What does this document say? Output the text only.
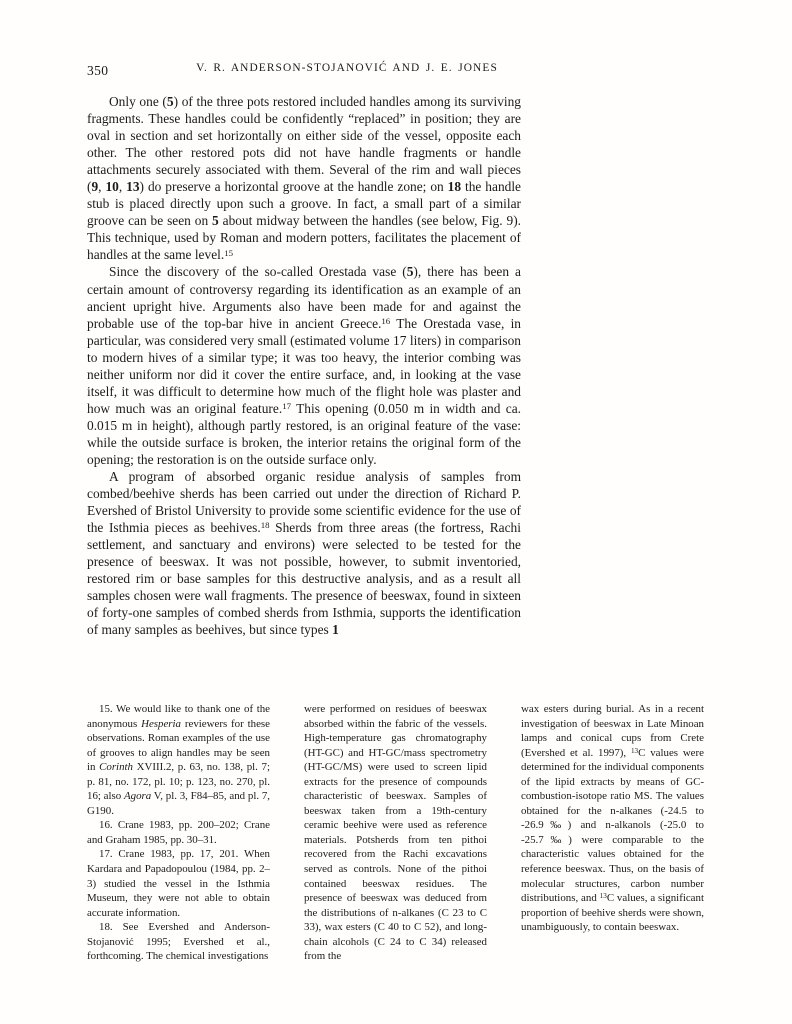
350	V. R. ANDERSON-STOJANOVIĆ AND J. E. JONES

Only one (5) of the three pots restored included handles among its surviving fragments. These handles could be confidently “replaced” in position; they are oval in section and set horizontally on either side of the vessel, opposite each other. The other restored pots did not have handle fragments or handle attachments securely associated with them. Several of the rim and wall pieces (9, 10, 13) do preserve a horizontal groove at the handle zone; on 18 the handle stub is placed directly upon such a groove. In fact, a small part of a similar groove can be seen on 5 about midway between the handles (see below, Fig. 9). This technique, used by Roman and modern potters, facilitates the placement of handles at the same level.$^{15}$

Since the discovery of the so-called Orestada vase (5), there has been a certain amount of controversy regarding its identification as an example of an ancient upright hive. Arguments also have been made for and against the probable use of the top-bar hive in ancient Greece.$^{16}$ The Orestada vase, in particular, was considered very small (estimated volume 17 liters) in comparison to modern hives of a similar type; it was too heavy, the interior combing was neither uniform nor did it cover the entire surface, and, in looking at the vase itself, it was difficult to determine how much of the flight hole was plaster and how much was an original feature.$^{17}$ This opening (0.050 m in width and ca. 0.015 m in height), although partly restored, is an original feature of the vase: while the outside surface is broken, the interior retains the original form of the opening; the restoration is on the outside surface only.

A program of absorbed organic residue analysis of samples from combed/beehive sherds has been carried out under the direction of Richard P. Evershed of Bristol University to provide some scientific evidence for the use of the Isthmia pieces as beehives.$^{18}$ Sherds from three areas (the fortress, Rachi settlement, and sanctuary and environs) were selected to be tested for the presence of beeswax. It was not possible, however, to submit inventoried, restored rim or base samples for this destructive analysis, and as a result all samples chosen were wall fragments. The presence of beeswax, found in sixteen of forty-one samples of combed sherds from Isthmia, supports the identification of many samples as beehives, but since types 1

15. We would like to thank one of the anonymous Hesperia reviewers for these observations. Roman examples of the use of grooves to align handles may be seen in Corinth XVIII.2, p. 63, no. 138, pl. 7; p. 81, no. 172, pl. 10; p. 123, no. 270, pl. 16; also Agora V, pl. 3, F84–85, and pl. 7, G190.

16. Crane 1983, pp. 200–202; Crane and Graham 1985, pp. 30–31.

17. Crane 1983, pp. 17, 201. When Kardara and Papadopoulou (1984, pp. 2–3) studied the vessel in the Isthmia Museum, they were not able to obtain accurate information.

18. See Evershed and Anderson-Stojanović 1995; Evershed et al., forthcoming. The chemical investigations

were performed on residues of beeswax absorbed within the fabric of the vessels. High-temperature gas chromatography (HT-GC) and HT-GC/mass spectrometry (HT-GC/MS) were used to screen lipid extracts for the presence of compounds characteristic of beeswax. Samples of beeswax taken from a 19th-century ceramic beehive were used as reference materials. Potsherds from ten pithoi recovered from the Rachi excavations served as controls. None of the pithoi contained beeswax residues. The presence of beeswax was deduced from the distributions of n-alkanes (C 23 to C 33), wax esters (C 40 to C 52), and long-chain alcohols (C 24 to C 34) released from the

wax esters during burial. As in a recent investigation of beeswax in Late Minoan lamps and conical cups from Crete (Evershed et al. 1997), $^{13}$C values were determined for the individual components of the lipid extracts by means of GC-combustion-isotope ratio MS. The values obtained for the n-alkanes (-24.5 to -26.9‰) and n-alkanols (-25.0 to -25.7‰) were comparable to the characteristic values obtained for the reference beeswax. Thus, on the basis of molecular structures, carbon number distributions, and $^{13}$C values, a significant proportion of beehive sherds were shown, unambiguously, to contain beeswax.
